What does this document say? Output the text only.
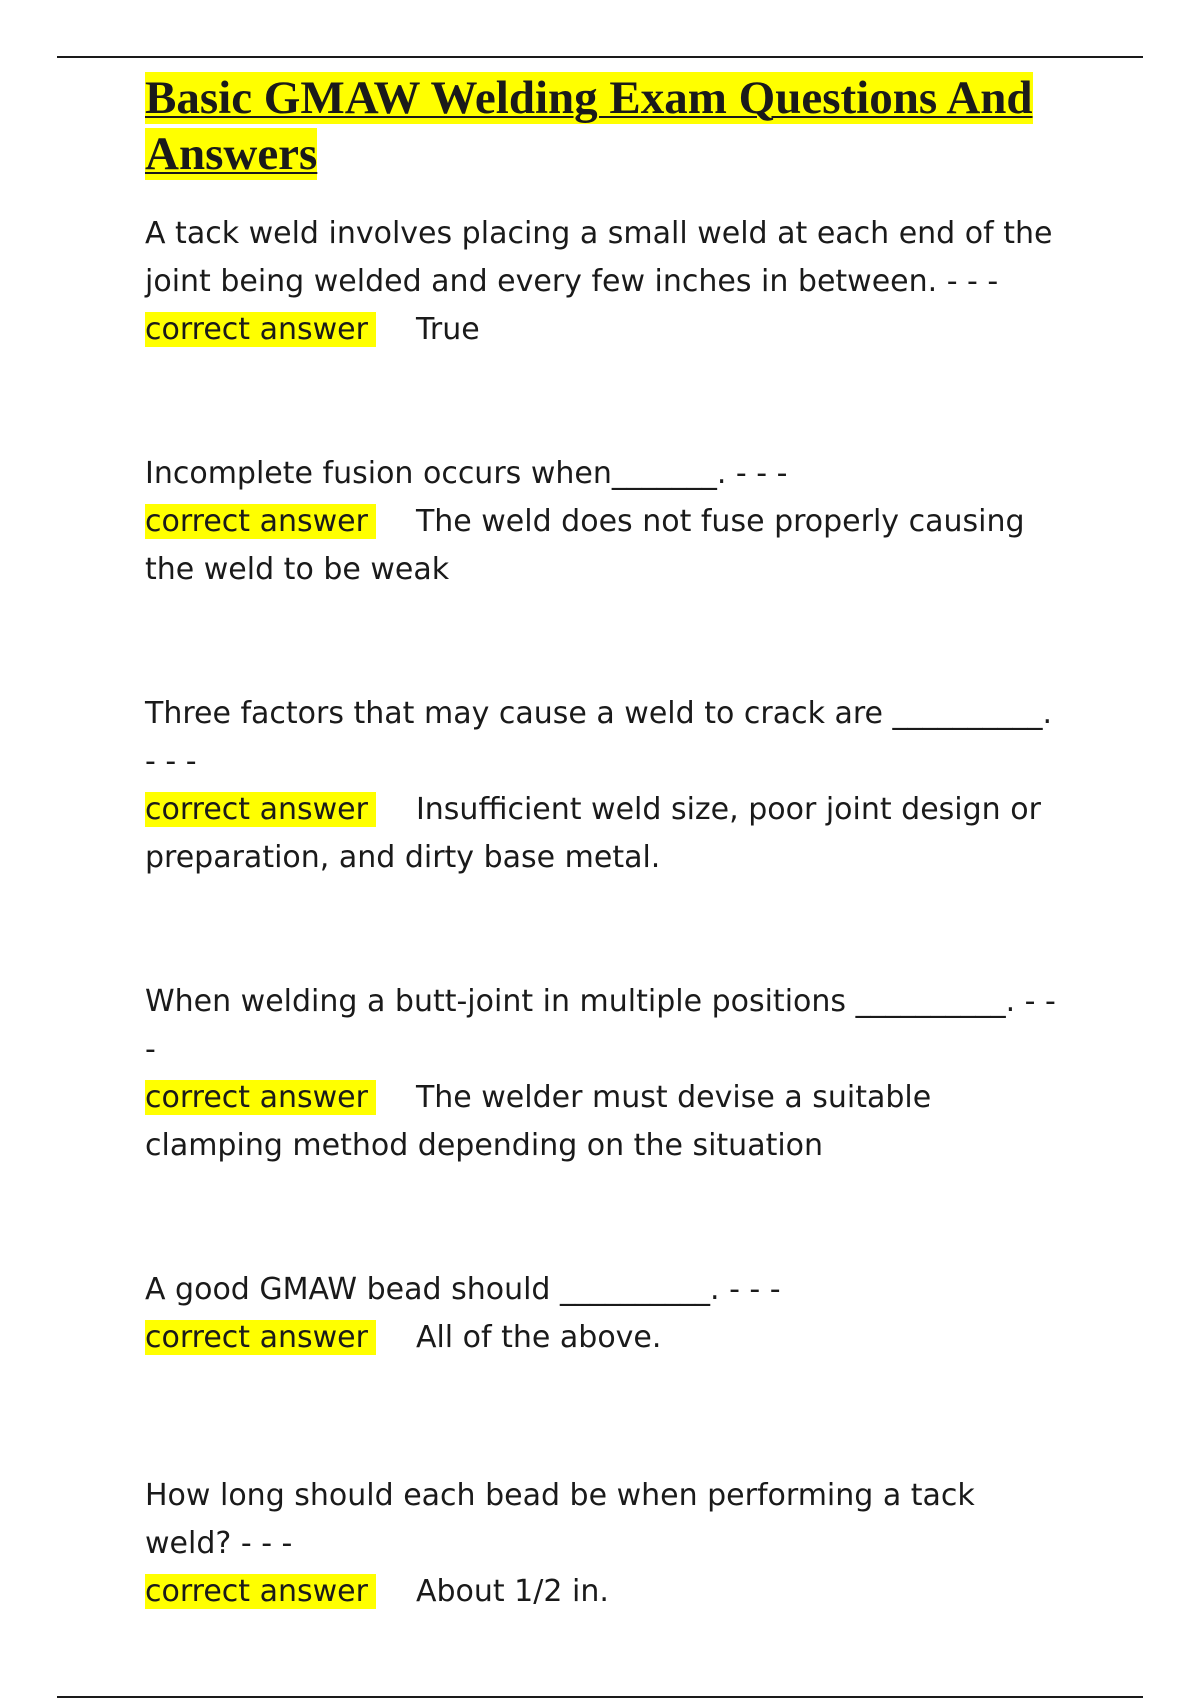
Basic GMAW Welding Exam Questions And Answers
A tack weld involves placing a small weld at each end of the joint being welded and every few inches in between. - - -
correct answer True
Incomplete fusion occurs when_______. - - -
correct answer The weld does not fuse properly causing the weld to be weak
Three factors that may cause a weld to crack are __________. - - -
correct answer Insufficient weld size, poor joint design or preparation, and dirty base metal.
When welding a butt-joint in multiple positions __________. - - -
correct answer The welder must devise a suitable clamping method depending on the situation
A good GMAW bead should __________. - - -
correct answer All of the above.
How long should each bead be when performing a tack weld? - - -
correct answer About 1/2 in.
